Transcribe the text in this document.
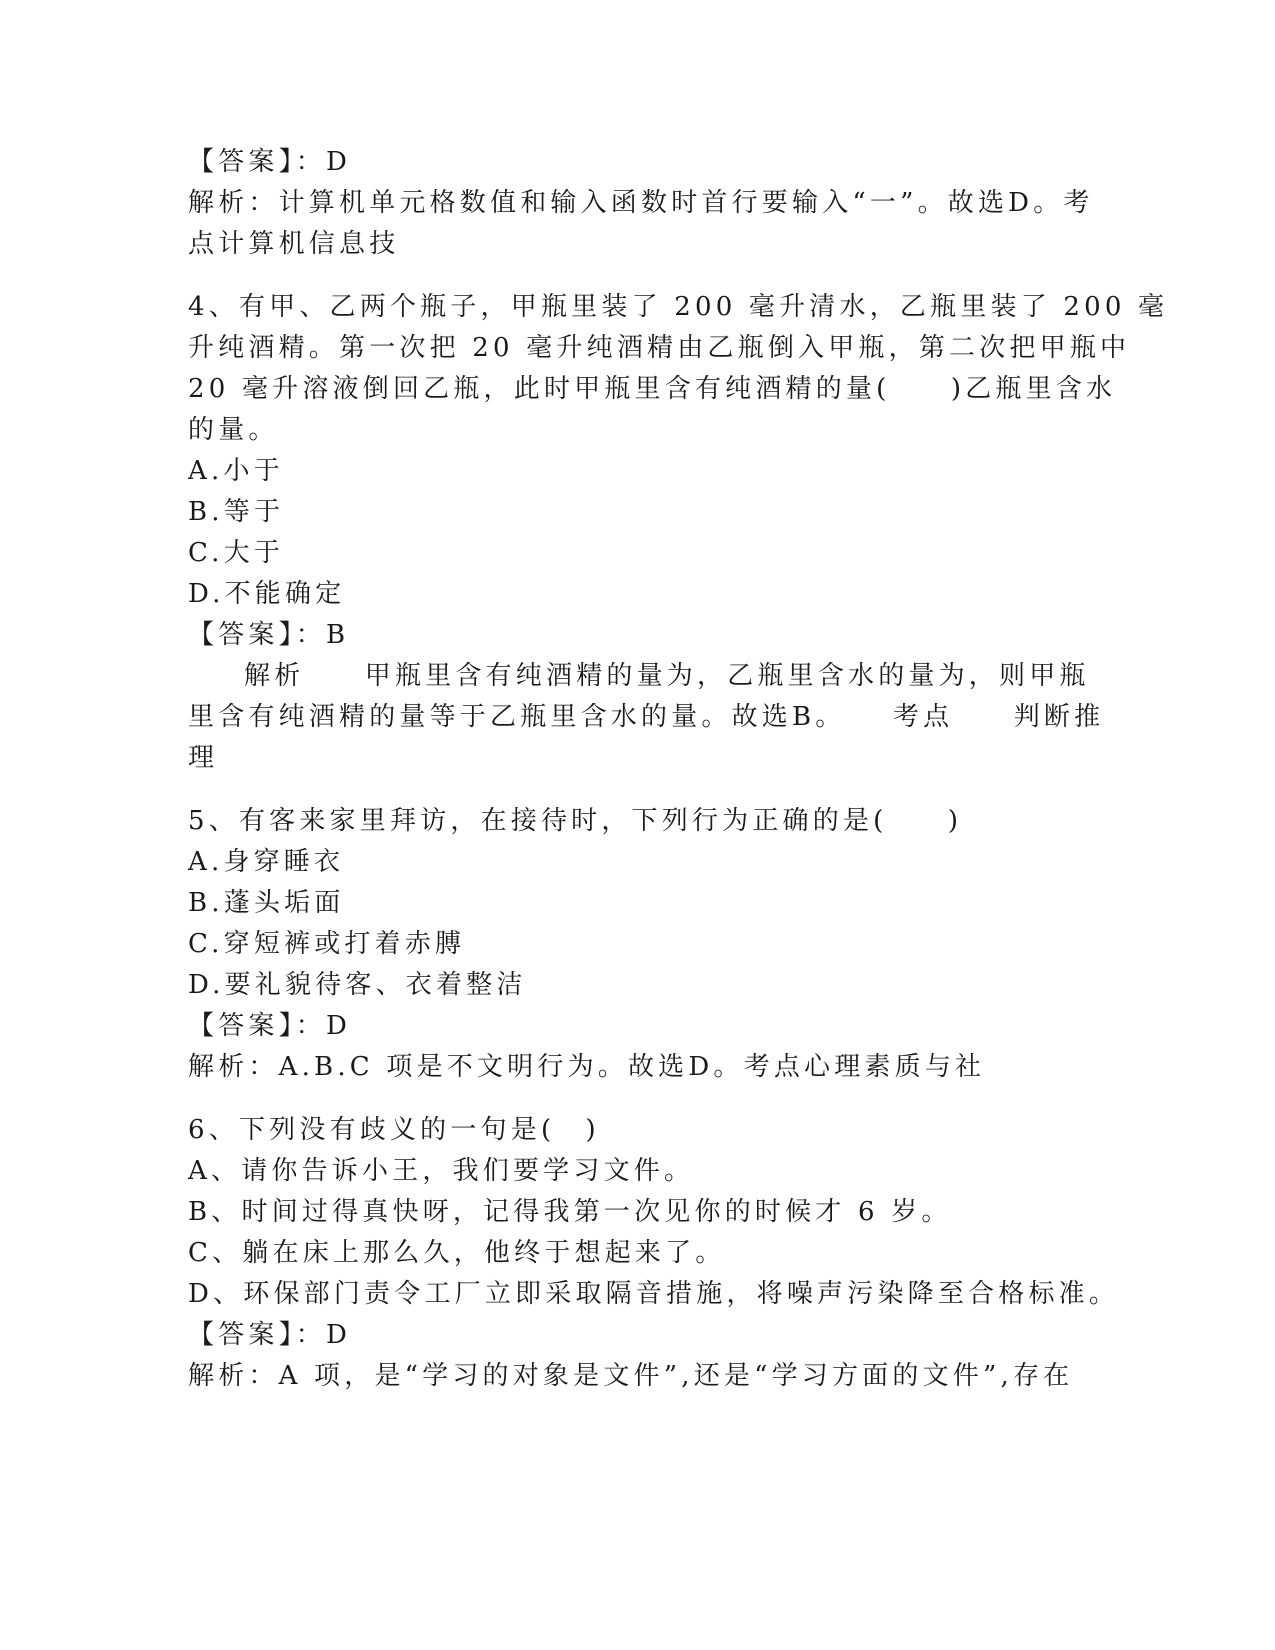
【答案】：D
解析：计算机单元格数值和输入函数时首行要输入“一”。故选D。考
点计算机信息技
4、有甲、乙两个瓶子，甲瓶里装了 200 毫升清水，乙瓶里装了 200 毫
升纯酒精。第一次把 20 毫升纯酒精由乙瓶倒入甲瓶，第二次把甲瓶中
20 毫升溶液倒回乙瓶，此时甲瓶里含有纯酒精的量(　　)乙瓶里含水
的量。
A.小于
B.等于
C.大于
D.不能确定
【答案】：B
解析　　甲瓶里含有纯酒精的量为，乙瓶里含水的量为，则甲瓶
里含有纯酒精的量等于乙瓶里含水的量。故选B。　　考点　　判断推
理
5、有客来家里拜访，在接待时，下列行为正确的是(　　)
A.身穿睡衣
B.蓬头垢面
C.穿短裤或打着赤膊
D.要礼貌待客、衣着整洁
【答案】：D
解析：A.B.C 项是不文明行为。故选D。考点心理素质与社
6、下列没有歧义的一句是(　)
A、请你告诉小王，我们要学习文件。
B、时间过得真快呀，记得我第一次见你的时候才 6 岁。
C、躺在床上那么久，他终于想起来了。
D、环保部门责令工厂立即采取隔音措施，将噪声污染降至合格标准。
【答案】：D
解析：A 项，是“学习的对象是文件”,还是“学习方面的文件”,存在
